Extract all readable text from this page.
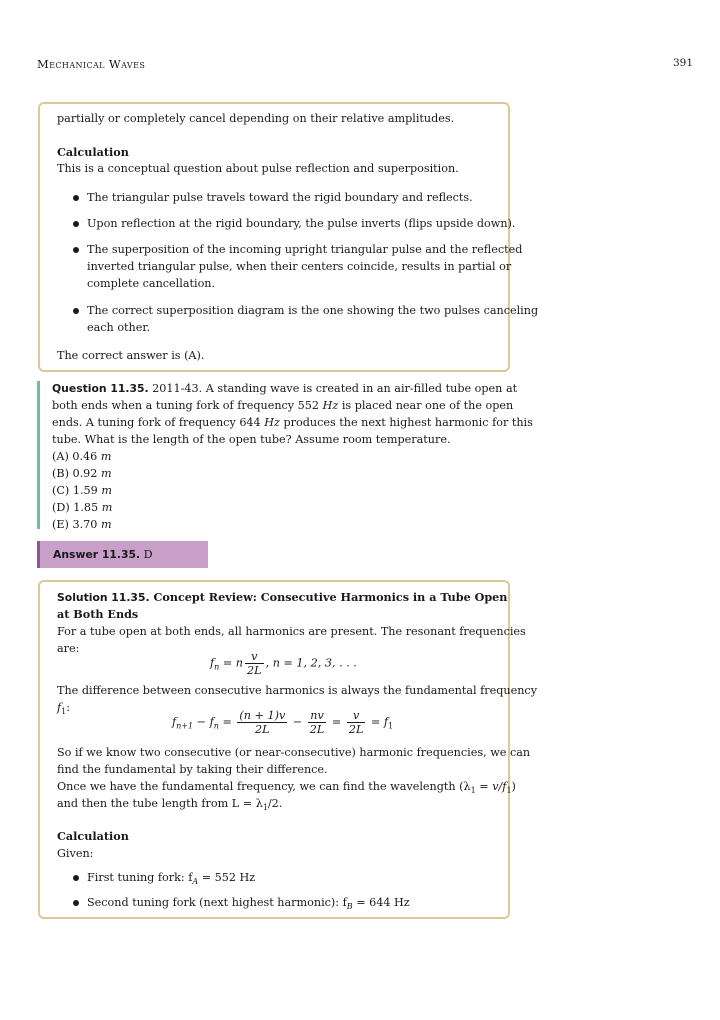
Mechanical Waves	391
partially or completely cancel depending on their relative amplitudes.
Calculation
This is a conceptual question about pulse reflection and superposition.
The triangular pulse travels toward the rigid boundary and reflects.
Upon reflection at the rigid boundary, the pulse inverts (flips upside down).
The superposition of the incoming upright triangular pulse and the reflected
inverted triangular pulse, when their centers coincide, results in partial or
complete cancellation.
The correct superposition diagram is the one showing the two pulses canceling
each other.
The correct answer is (A).
Question 11.35. 2011-43. A standing wave is created in an air-filled tube open at
both ends when a tuning fork of frequency 552 Hz is placed near one of the open
ends. A tuning fork of frequency 644 Hz produces the next highest harmonic for this
tube. What is the length of the open tube? Assume room temperature.
(A) 0.46 m
(B) 0.92 m
(C) 1.59 m
(D) 1.85 m
(E) 3.70 m
Answer 11.35. D
Solution 11.35. Concept Review: Consecutive Harmonics in a Tube Open
at Both Ends
For a tube open at both ends, all harmonics are present. The resonant frequencies
are:
$f_n = n \frac{v}{2L}$ , n = 1, 2, 3, . . .
The difference between consecutive harmonics is always the fundamental frequency
$f_1$:
$f_{n+1} - f_n = \frac{(n + 1)v}{2L} - \frac{nv}{2L} = \frac{v}{2L} = f_1$
So if we know two consecutive (or near-consecutive) harmonic frequencies, we can
find the fundamental by taking their difference.
Once we have the fundamental frequency, we can find the wavelength $(\lambda_1 = v/f_1)$
and then the tube length from $L = \lambda_1/2$.
Calculation
Given:
First tuning fork: $f_A = 552$ Hz
Second tuning fork (next highest harmonic): $f_B = 644$ Hz
